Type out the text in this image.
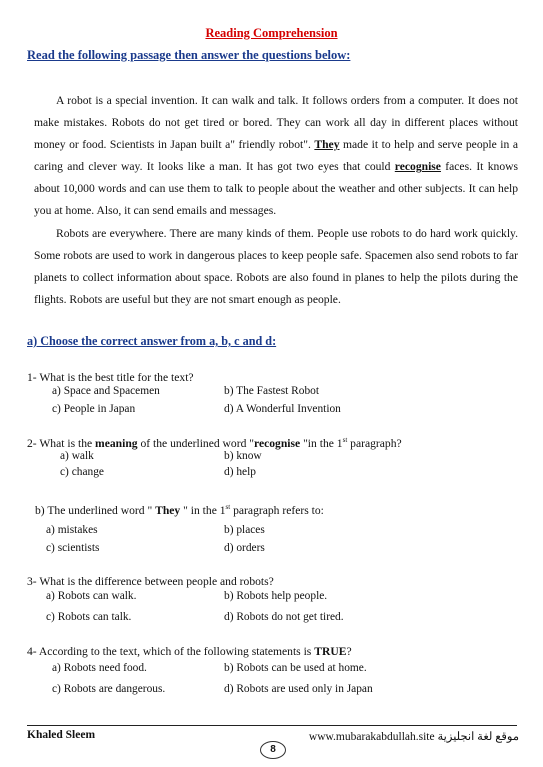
Reading Comprehension
Read the following passage then answer the questions below:

A robot is a special invention. It can walk and talk. It follows orders from a computer. It does not make mistakes. Robots do not get tired or bored. They can work all day in different places without money or food. Scientists in Japan built a" friendly robot". They made it to help and serve people in a caring and clever way. It looks like a man. It has got two eyes that could recognise faces. It knows about 10,000 words and can use them to talk to people about the weather and other subjects. It can help you at home. Also, it can send emails and messages.

Robots are everywhere. There are many kinds of them. People use robots to do hard work quickly. Some robots are used to work in dangerous places to keep people safe. Spacemen also send robots to far planets to collect information about space. Robots are also found in planes to help the pilots during the flights. Robots are useful but they are not smart enough as people.

a) Choose the correct answer from a, b, c and d:
1- What is the best title for the text?
a) Space and Spacemen	b) The Fastest Robot
c) People in Japan	d) A Wonderful Invention
2- What is the meaning of the underlined word "recognise "in the 1st paragraph?
a) walk	b) know
c) change	d) help
b) The underlined word " They " in the 1st paragraph refers to:
a) mistakes	b) places
c) scientists	d) orders
3- What is the difference between people and robots?
a) Robots can walk.	b) Robots help people.
c) Robots can talk.	d) Robots do not get tired.
4- According to the text, which of the following statements is TRUE?
a) Robots need food.	b) Robots can be used at home.
c) Robots are dangerous.	d) Robots are used only in Japan
Khaled Sleem	www.mubarakabdullah.site موقع لغة انجليزية
8
